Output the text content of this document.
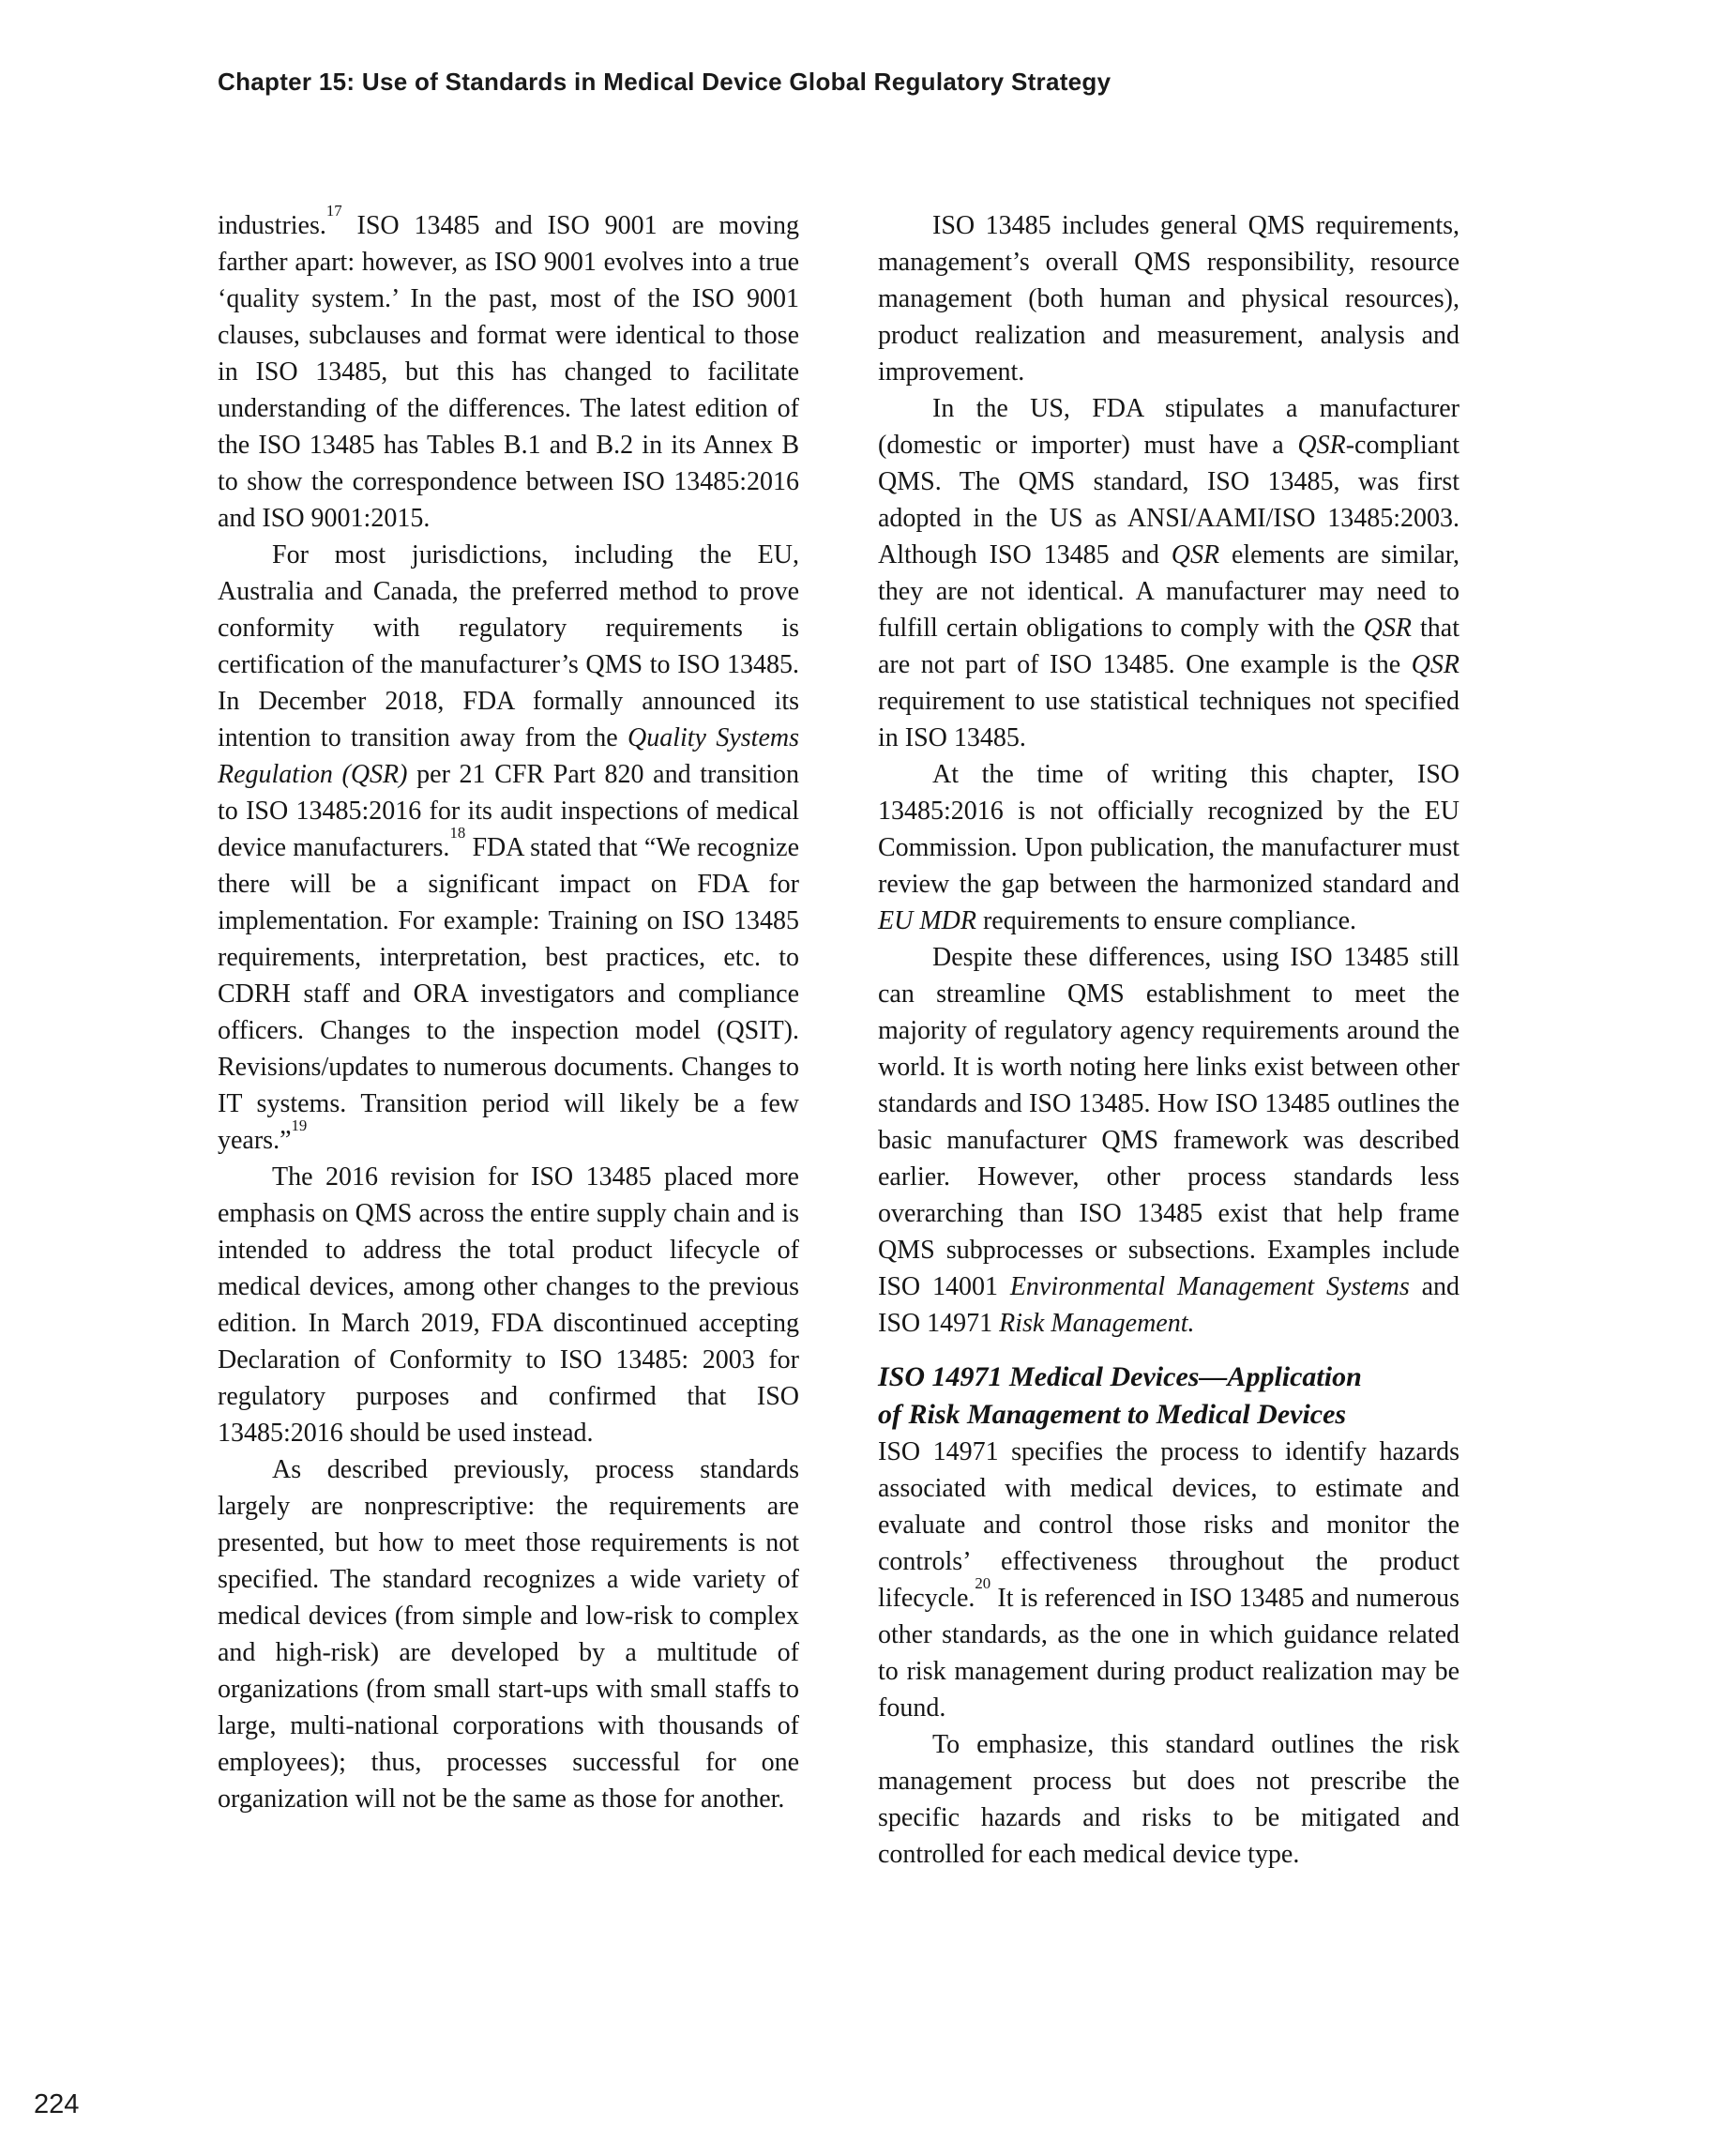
Chapter 15: Use of Standards in Medical Device Global Regulatory Strategy

industries.$^{17}$ ISO 13485 and ISO 9001 are moving farther apart: however, as ISO 9001 evolves into a true ‘quality system.’ In the past, most of the ISO 9001 clauses, subclauses and format were identical to those in ISO 13485, but this has changed to facilitate understanding of the differences. The latest edition of the ISO 13485 has Tables B.1 and B.2 in its Annex B to show the correspondence between ISO 13485:2016 and ISO 9001:2015.

For most jurisdictions, including the EU, Australia and Canada, the preferred method to prove conformity with regulatory requirements is certification of the manufacturer’s QMS to ISO 13485. In December 2018, FDA formally announced its intention to transition away from the Quality Systems Regulation (QSR) per 21 CFR Part 820 and transition to ISO 13485:2016 for its audit inspections of medical device manufacturers.$^{18}$ FDA stated that “We recognize there will be a significant impact on FDA for implementation. For example: Training on ISO 13485 requirements, interpretation, best practices, etc. to CDRH staff and ORA investigators and compliance officers. Changes to the inspection model (QSIT). Revisions/updates to numerous documents. Changes to IT systems. Transition period will likely be a few years.”$^{19}$

The 2016 revision for ISO 13485 placed more emphasis on QMS across the entire supply chain and is intended to address the total product lifecycle of medical devices, among other changes to the previous edition. In March 2019, FDA discontinued accepting Declaration of Conformity to ISO 13485: 2003 for regulatory purposes and confirmed that ISO 13485:2016 should be used instead.

As described previously, process standards largely are nonprescriptive: the requirements are presented, but how to meet those requirements is not specified. The standard recognizes a wide variety of medical devices (from simple and low-risk to complex and high-risk) are developed by a multitude of organizations (from small start-ups with small staffs to large, multi-national corporations with thousands of employees); thus, processes successful for one organization will not be the same as those for another.

ISO 13485 includes general QMS requirements, management’s overall QMS responsibility, resource management (both human and physical resources), product realization and measurement, analysis and improvement.

In the US, FDA stipulates a manufacturer (domestic or importer) must have a QSR-compliant QMS. The QMS standard, ISO 13485, was first adopted in the US as ANSI/AAMI/ISO 13485:2003. Although ISO 13485 and QSR elements are similar, they are not identical. A manufacturer may need to fulfill certain obligations to comply with the QSR that are not part of ISO 13485. One example is the QSR requirement to use statistical techniques not specified in ISO 13485.

At the time of writing this chapter, ISO 13485:2016 is not officially recognized by the EU Commission. Upon publication, the manufacturer must review the gap between the harmonized standard and EU MDR requirements to ensure compliance.

Despite these differences, using ISO 13485 still can streamline QMS establishment to meet the majority of regulatory agency requirements around the world. It is worth noting here links exist between other standards and ISO 13485. How ISO 13485 outlines the basic manufacturer QMS framework was described earlier. However, other process standards less overarching than ISO 13485 exist that help frame QMS subprocesses or subsections. Examples include ISO 14001 Environmental Management Systems and ISO 14971 Risk Management.

ISO 14971 Medical Devices—Application
of Risk Management to Medical Devices

ISO 14971 specifies the process to identify hazards associated with medical devices, to estimate and evaluate and control those risks and monitor the controls’ effectiveness throughout the product lifecycle.$^{20}$ It is referenced in ISO 13485 and numerous other standards, as the one in which guidance related to risk management during product realization may be found.

To emphasize, this standard outlines the risk management process but does not prescribe the specific hazards and risks to be mitigated and controlled for each medical device type.

224
